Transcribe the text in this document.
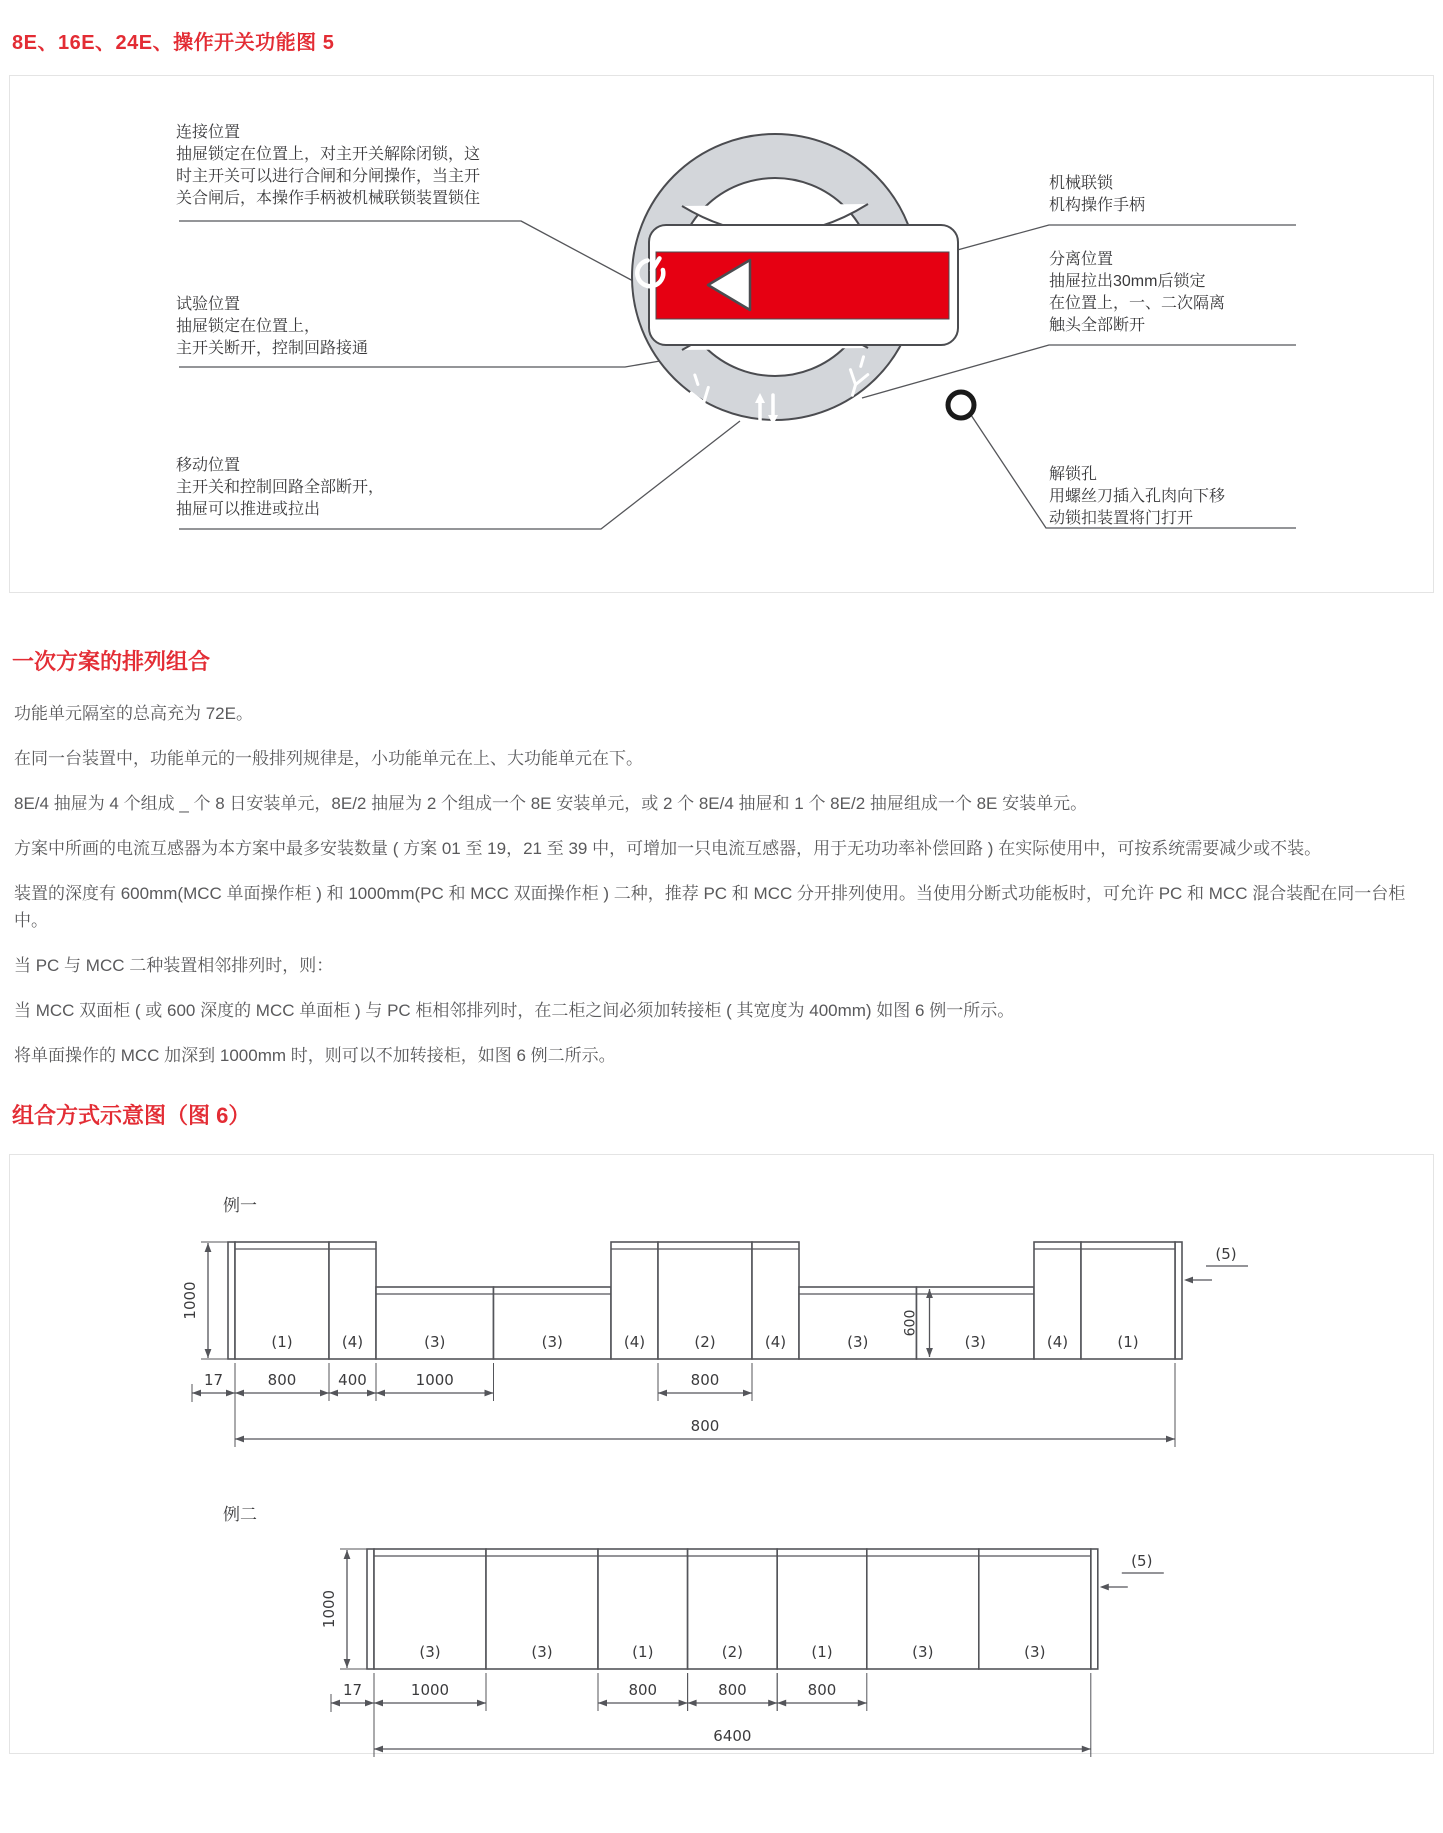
8E、16E、24E、操作开关功能图 5
连接位置
抽屉锁定在位置上，对主开关解除闭锁，这
时主开关可以进行合闸和分闸操作，当主开
关合闸后，本操作手柄被机械联锁装置锁住
试验位置
抽屉锁定在位置上，
主开关断开，控制回路接通
移动位置
主开关和控制回路全部断开，
抽屉可以推进或拉出
机械联锁
机构操作手柄
分离位置
抽屉拉出30mm后锁定
在位置上，一、二次隔离
触头全部断开
解锁孔
用螺丝刀插入孔肉向下移
动锁扣装置将门打开
一次方案的排列组合

功能单元隔室的总高充为 72E。

在同一台装置中，功能单元的一般排列规律是，小功能单元在上、大功能单元在下。

8E/4 抽屉为 4 个组成 _ 个 8 日安装单元，8E/2 抽屉为 2 个组成一个 8E 安装单元，或 2 个 8E/4 抽屉和 1 个 8E/2 抽屉组成一个 8E 安装单元。

方案中所画的电流互感器为本方案中最多安装数量 ( 方案 01 至 19，21 至 39 中，可增加一只电流互感器，用于无功功率补偿回路 ) 在实际使用中，可按系统需要减少或不装。

装置的深度有 600mm(MCC 单面操作柜 ) 和 1000mm(PC 和 MCC 双面操作柜 ) 二种，推荐 PC 和 MCC 分开排列使用。当使用分断式功能板时，可允许 PC 和 MCC 混合装配在同一台柜中。

当 PC 与 MCC 二种装置相邻排列时，则：

当 MCC 双面柜 ( 或 600 深度的 MCC 单面柜 ) 与 PC 柜相邻排列时，在二柜之间必须加转接柜 ( 其宽度为 400mm) 如图 6 例一所示。

将单面操作的 MCC 加深到 1000mm 时，则可以不加转接柜，如图 6 例二所示。

组合方式示意图（图 6）
例一
(1)	(4)	(3)	(3)	(4)	(2)	(4)	(3)	(3)	(4)	(1)
1000
600
(5)
17	800	400	1000	800
800
例二
(3)	(3)	(1)	(2)	(1)	(3)	(3)
1000
(5)
17	1000	800	800	800
6400
